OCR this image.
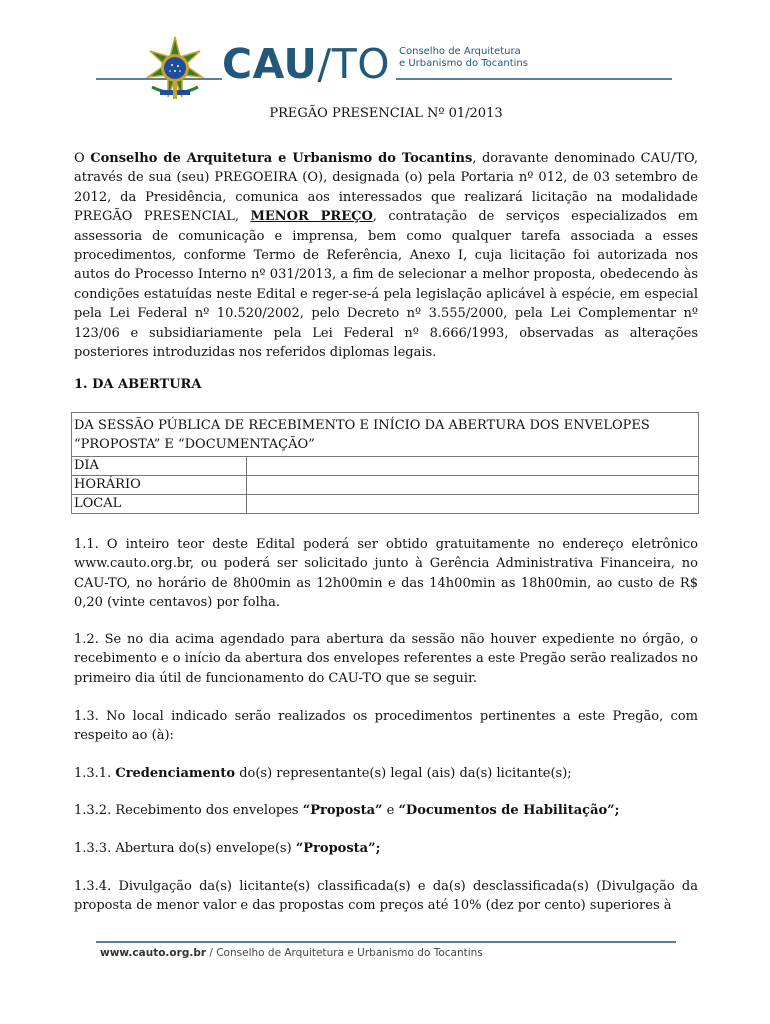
CAU/TO Conselho de Arquitetura
e Urbanismo do Tocantins
PREGÃO PRESENCIAL Nº 01/2013

O Conselho de Arquitetura e Urbanismo do Tocantins, doravante denominado CAU/TO, através de sua (seu) PREGOEIRA (O), designada (o) pela Portaria nº 012, de 03 setembro de 2012, da Presidência, comunica aos interessados que realizará licitação na modalidade PREGÃO PRESENCIAL, MENOR PREÇO, contratação de serviços especializados em assessoria de comunicação e imprensa, bem como qualquer tarefa associada a esses procedimentos, conforme Termo de Referência, Anexo I, cuja licitação foi autorizada nos autos do Processo Interno nº 031/2013, a fim de selecionar a melhor proposta, obedecendo às condições estatuídas neste Edital e reger-se-á pela legislação aplicável à espécie, em especial pela Lei Federal nº 10.520/2002, pelo Decreto nº 3.555/2000, pela Lei Complementar nº 123/06 e subsidiariamente pela Lei Federal nº 8.666/1993, observadas as alterações posteriores introduzidas nos referidos diplomas legais.

1. DA ABERTURA
DA SESSÃO PÚBLICA DE RECEBIMENTO E INÍCIO DA ABERTURA DOS ENVELOPES “PROPOSTA” E “DOCUMENTAÇÃO”	
DIA	
HORÁRIO	
LOCAL	

1.1. O inteiro teor deste Edital poderá ser obtido gratuitamente no endereço eletrônico www.cauto.org.br, ou poderá ser solicitado junto à Gerência Administrativa Financeira, no CAU-TO, no horário de 8h00min as 12h00min e das 14h00min as 18h00min, ao custo de R$ 0,20 (vinte centavos) por folha.

1.2. Se no dia acima agendado para abertura da sessão não houver expediente no órgão, o recebimento e o início da abertura dos envelopes referentes a este Pregão serão realizados no primeiro dia útil de funcionamento do CAU-TO que se seguir.

1.3. No local indicado serão realizados os procedimentos pertinentes a este Pregão, com respeito ao (à):

1.3.1. Credenciamento do(s) representante(s) legal (ais) da(s) licitante(s);

1.3.2. Recebimento dos envelopes “Proposta” e “Documentos de Habilitação”;

1.3.3. Abertura do(s) envelope(s) “Proposta”;

1.3.4. Divulgação da(s) licitante(s) classificada(s) e da(s) desclassificada(s) (Divulgação da proposta de menor valor e das propostas com preços até 10% (dez por cento) superiores à

www.cauto.org.br / Conselho de Arquitetura e Urbanismo do Tocantins
